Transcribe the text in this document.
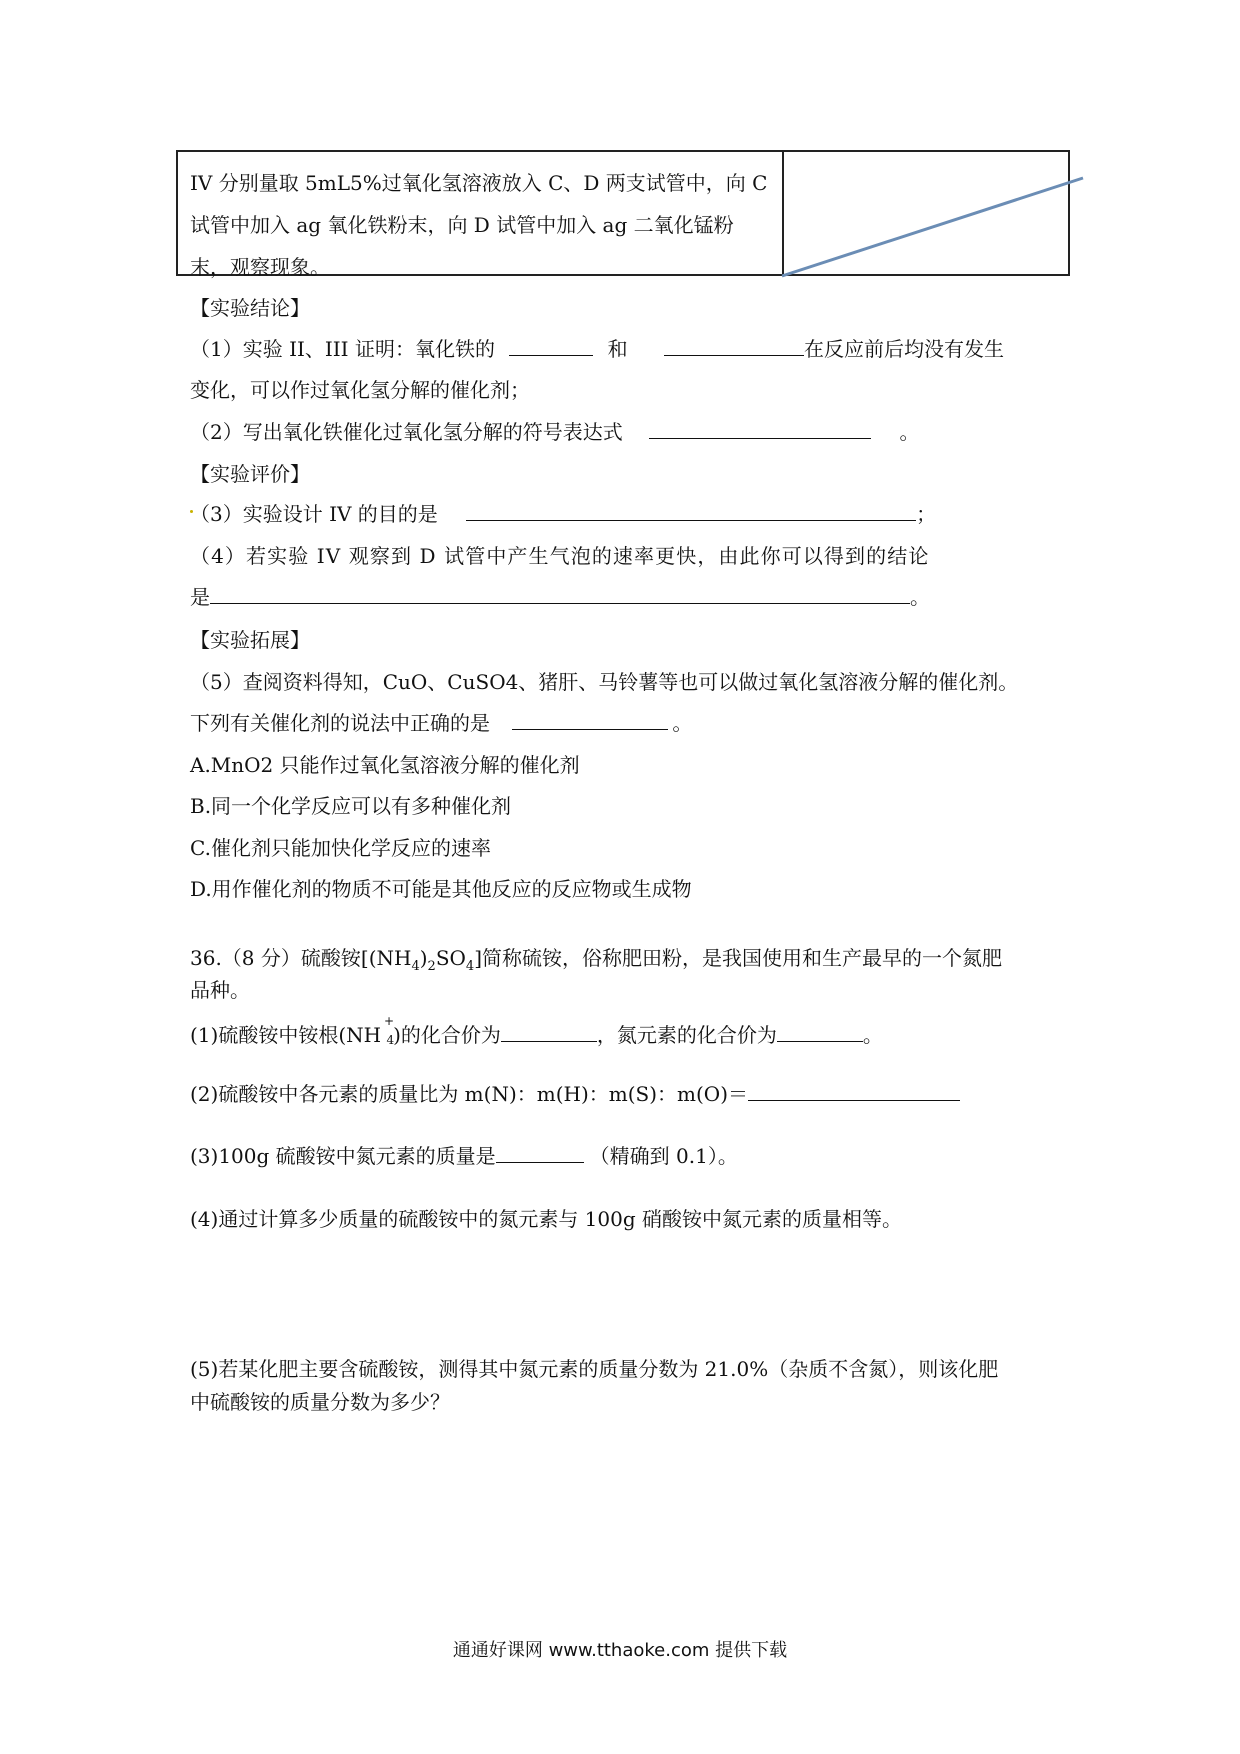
IV 分别量取 5mL5%过氧化氢溶液放入 C、D 两支试管中，向 C 试管中加入 ag 氧化铁粉末，向 D 试管中加入 ag 二氧化锰粉末，观察现象。
【实验结论】
（1）实验 II、III 证明：氧化铁的	和	在反应前后均没有发生
变化，可以作过氧化氢分解的催化剂；
（2）写出氧化铁催化过氧化氢分解的符号表达式	。
【实验评价】
（3）实验设计 IV 的目的是	；
（4）若实验 IV 观察到 D 试管中产生气泡的速率更快，由此你可以得到的结论
是	。
【实验拓展】
（5）查阅资料得知，CuO、CuSO4、猪肝、马铃薯等也可以做过氧化氢溶液分解的催化剂。
下列有关催化剂的说法中正确的是	。
A.MnO2 只能作过氧化氢溶液分解的催化剂
B.同一个化学反应可以有多种催化剂
C.催化剂只能加快化学反应的速率
D.用作催化剂的物质不可能是其他反应的反应物或生成物
36.（8 分）硫酸铵$[(NH_4)_2SO_4]$简称硫铵，俗称肥田粉，是我国使用和生产最早的一个氮肥
品种。
(1)硫酸铵中铵根(NH
+
4 )的化合价为	，氮元素的化合价为	。
(2)硫酸铵中各元素的质量比为 m(N)：m(H)：m(S)：m(O)＝
(3)100g 硫酸铵中氮元素的质量是	（精确到 0.1）。
(4)通过计算多少质量的硫酸铵中的氮元素与 100g 硝酸铵中氮元素的质量相等。
(5)若某化肥主要含硫酸铵，测得其中氮元素的质量分数为 21.0%（杂质不含氮），则该化肥
中硫酸铵的质量分数为多少？
通通好课网 www.tthaoke.com 提供下载
